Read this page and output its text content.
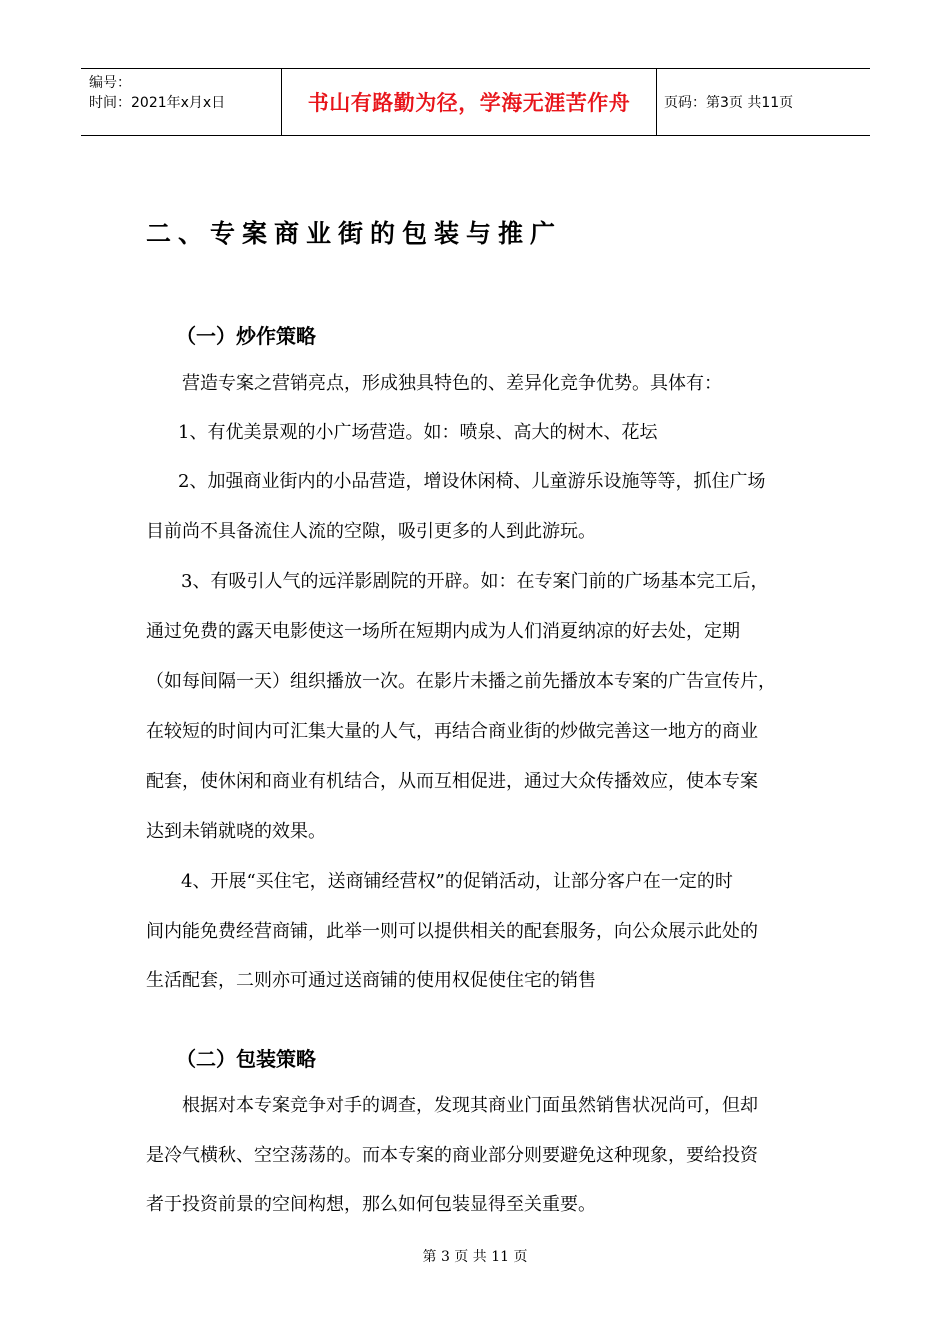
编号：
时间：2021年x月x日	书山有路勤为径，学海无涯苦作舟 页码：第3页 共11页
二、专案商业街的包装与推广
（一）炒作策略
营造专案之营销亮点，形成独具特色的、差异化竞争优势。具体有：
1、有优美景观的小广场营造。如：喷泉、高大的树木、花坛
2、加强商业街内的小品营造，增设休闲椅、儿童游乐设施等等，抓住广场
目前尚不具备流住人流的空隙，吸引更多的人到此游玩。
3、有吸引人气的远洋影剧院的开辟。如：在专案门前的广场基本完工后，
通过免费的露天电影使这一场所在短期内成为人们消夏纳凉的好去处，定期
（如每间隔一天）组织播放一次。在影片未播之前先播放本专案的广告宣传片，
在较短的时间内可汇集大量的人气，再结合商业街的炒做完善这一地方的商业
配套，使休闲和商业有机结合，从而互相促进，通过大众传播效应，使本专案
达到未销就哓的效果。
4、开展“买住宅，送商铺经营权”的促销活动，让部分客户在一定的时
间内能免费经营商铺，此举一则可以提供相关的配套服务，向公众展示此处的
生活配套，二则亦可通过送商铺的使用权促使住宅的销售
（二）包装策略
根据对本专案竞争对手的调查，发现其商业门面虽然销售状况尚可，但却
是冷气横秋、空空荡荡的。而本专案的商业部分则要避免这种现象，要给投资
者于投资前景的空间构想，那么如何包装显得至关重要。
第 3 页 共 11 页
